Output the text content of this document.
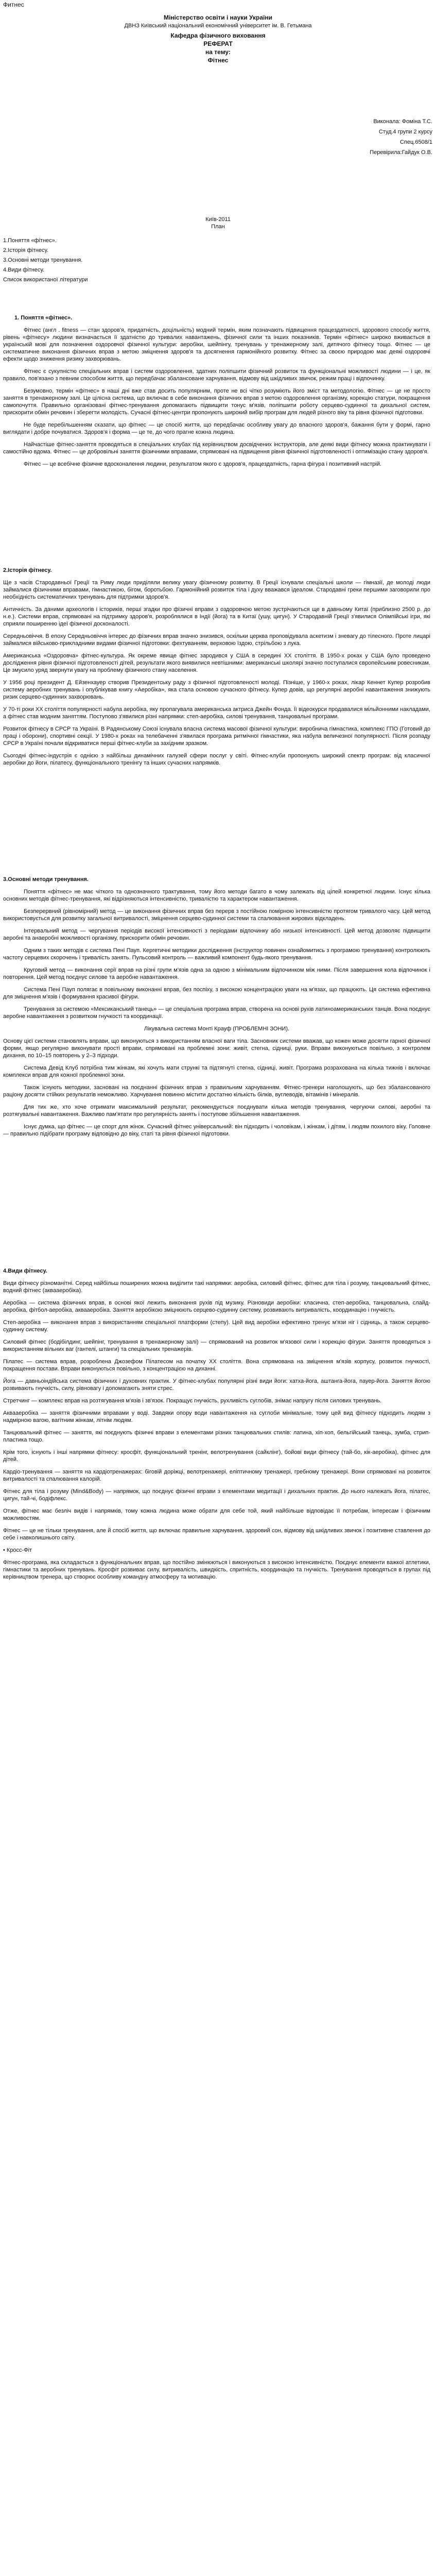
Фитнес
Міністерство освіти і науки України
ДВНЗ Київський національний економічний університет ім. В. Гетьмана
Кафедра фізичного виховання
РЕФЕРАТ
на тему:
Фітнес
Виконала: Фоміна Т.С.
Студ.4 групи 2 курсу
Спец.6508/1
Перевірила:Гайдук О.В.
Київ-2011
План
1.Поняття «фітнес».
2.Історія фітнесу.
3.Основні методи тренування.
4.Види фітнесу.
Список використаної літератури

1. Поняття «фітнес».

Фітнес (англ . fitness — стан здоров'я, придатність, доцільність) модний термін, яким позначають підвищення працездатності, здорового способу життя, рівень «фітнесу» людини визначається її здатністю до тривалих навантажень, фізичної сили та інших показників. Термін «фітнес» широко вживається в українській мові для позначення оздоровчої фізичної культури: аеробіки, шейпінгу, тренувань у тренажерному залі, дитячого фітнесу тощо. Фітнес — це систематичне виконання фізичних вправ з метою зміцнення здоров'я та досягнення гармонійного розвитку. Фітнес за своєю природою має деякі оздоровчі ефекти щодо зниження ризику захворювань.

Фітнес є сукупністю спеціальних вправ і систем оздоровлення, здатних поліпшити фізичний розвиток та функціональні можливості людини — і це, як правило, пов'язано з певним способом життя, що передбачає збалансоване харчування, відмову від шкідливих звичок, режим праці і відпочинку.

Безумовно, термін «фітнес» в наші дні вже став досить популярним, проте не всі чітко розуміють його зміст та методологію. Фітнес — це не просто заняття в тренажерному залі. Це цілісна система, що включає в себе виконання фізичних вправ з метою оздоровлення організму, корекцію статури, покращення самопочуття. Правильно організовані фітнес-тренування допомагають підвищити тонус м'язів, поліпшити роботу серцево-судинної та дихальної систем, прискорити обмін речовин і зберегти молодість. Сучасні фітнес-центри пропонують широкий вибір програм для людей різного віку та рівня фізичної підготовки.

Не буде перебільшенням сказати, що фітнес — це спосіб життя, що передбачає особливу увагу до власного здоров'я, бажання бути у формі, гарно виглядати і добре почуватися. Здоров'я і форма — це те, до чого прагне кожна людина.

Найчастіше фітнес-заняття проводяться в спеціальних клубах під керівництвом досвідчених інструкторів, але деякі види фітнесу можна практикувати і самостійно вдома. Фітнес — це добровільні заняття фізичними вправами, спрямовані на підвищення рівня фізичної підготовленості і оптимізацію стану здоров'я.

Фітнес — це всебічне фізичне вдосконалення людини, результатом якого є здоров'я, працездатність, гарна фігура і позитивний настрій.

2.Історія фітнесу.

Ще з часів Стародавньої Греції та Риму люди приділяли велику увагу фізичному розвитку. В Греції існували спеціальні школи — гімназії, де молоді люди займалися фізичними вправами, гімнастикою, бігом, боротьбою. Гармонійний розвиток тіла і духу вважався ідеалом. Стародавні греки першими заговорили про необхідність систематичних тренувань для підтримки здоров'я.

Античність. За даними археологів і істориків, перші згадки про фізичні вправи з оздоровчою метою зустрічаються ще в давньому Китаї (приблизно 2500 р. до н.е.). Системи вправ, спрямовані на підтримку здоров'я, розроблялися в Індії (йога) та в Китаї (ушу, цигун). У Стародавній Греції з'явилися Олімпійські ігри, які сприяли поширенню ідеї фізичної досконалості.

Середньовіччя. В епоху Середньовіччя інтерес до фізичних вправ значно знизився, оскільки церква проповідувала аскетизм і зневагу до тілесного. Проте лицарі займалися військово-прикладними видами фізичної підготовки: фехтуванням, верховою їздою, стрільбою з лука.

Американська «Оздоровча» фітнес-культура. Як окреме явище фітнес зародився у США в середині XX століття. В 1950-х роках у США було проведено дослідження рівня фізичної підготовленості дітей, результати якого виявилися невтішними: американські школярі значно поступалися європейським ровесникам. Це змусило уряд звернути увагу на проблему фізичного стану населення.

У 1956 році президент Д. Ейзенхауер створив Президентську раду з фізичної підготовленості молоді. Пізніше, у 1960-х роках, лікар Кеннет Купер розробив систему аеробних тренувань і опублікував книгу «Аеробіка», яка стала основою сучасного фітнесу. Купер довів, що регулярні аеробні навантаження знижують ризик серцево-судинних захворювань.

У 70-ті роки ХХ століття популярності набула аеробіка, яку пропагувала американська актриса Джейн Фонда. Її відеокурси продавалися мільйонними накладами, а фітнес став модним заняттям. Поступово з'явилися різні напрямки: степ-аеробіка, силові тренування, танцювальні програми.

Розвиток фітнесу в СРСР та Україні. В Радянському Союзі існувала власна система масової фізичної культури: виробнича гімнастика, комплекс ГПО (Готовий до праці і оборони), спортивні секції. У 1980-х роках на телебаченні з'явилася програма ритмічної гімнастики, яка набула величезної популярності. Після розпаду СРСР в Україні почали відкриватися перші фітнес-клуби за західним зразком.

Сьогодні фітнес-індустрія є однією з найбільш динамічних галузей сфери послуг у світі. Фітнес-клуби пропонують широкий спектр програм: від класичної аеробіки до йоги, пілатесу, функціонального тренінгу та інших сучасних напрямків.

3.Основні методи тренування.

Поняття «фітнес» не має чіткого та однозначного трактування, тому його методи багато в чому залежать від цілей конкретної людини. Існує кілька основних методів фітнес-тренування, які відрізняються інтенсивністю, тривалістю та характером навантаження.

Безперервний (рівномірний) метод — це виконання фізичних вправ без перерв з постійною помірною інтенсивністю протягом тривалого часу. Цей метод використовується для розвитку загальної витривалості, зміцнення серцево-судинної системи та спалювання жирових відкладень.

Інтервальний метод — чергування періодів високої інтенсивності з періодами відпочинку або низької інтенсивності. Цей метод дозволяє підвищити аеробні та анаеробні можливості організму, прискорити обмін речовин.

Одним з таких методів є система Пені Пауп. Кергетичні методики дослідження (інструктор повинен ознайомитись з програмою тренування) контролюють частоту серцевих скорочень і тривалість занять. Пульсовий контроль — важливий компонент будь-якого тренування.

Круговий метод — виконання серії вправ на різні групи м'язів одна за одною з мінімальним відпочинком між ними. Після завершення кола відпочинок і повторення. Цей метод поєднує силове та аеробне навантаження.

Система Пені Пауп полягає в повільному виконанні вправ, без поспіху, з високою концентрацією уваги на м'язах, що працюють. Ця система ефективна для зміцнення м'язів і формування красивої фігури.

Тренування за системою «Мексиканський танець» — це спеціальна програма вправ, створена на основі рухів латиноамериканських танців. Вона поєднує аеробне навантаження з розвитком гнучкості та координації.

Лікувальна система Монті Крауф (ПРОБЛЕМНІ ЗОНИ).

Основу цієї системи становлять вправи, що виконуються з використанням власної ваги тіла. Засновник системи вважав, що кожен може досягти гарної фізичної форми, якщо регулярно виконувати прості вправи, спрямовані на проблемні зони: живіт, стегна, сідниці, руки. Вправи виконуються повільно, з контролем дихання, по 10–15 повторень у 2–3 підходи.

Система Девід Клуб потрібна тим жінкам, які хочуть мати стрункі та підтягнуті стегна, сідниці, живіт. Програма розрахована на кілька тижнів і включає комплекси вправ для кожної проблемної зони.

Також існують методики, засновані на поєднанні фізичних вправ з правильним харчуванням. Фітнес-тренери наголошують, що без збалансованого раціону досягти стійких результатів неможливо. Харчування повинно містити достатню кількість білків, вуглеводів, вітамінів і мінералів.

Для тих же, хто хоче отримати максимальний результат, рекомендується поєднувати кілька методів тренування, чергуючи силові, аеробні та розтягувальні навантаження. Важливо пам'ятати про регулярність занять і поступове збільшення навантаження.

Існує думка, що фітнес — це спорт для жінок. Сучасний фітнес універсальний: він підходить і чоловікам, і жінкам, і дітям, і людям похилого віку. Головне — правильно підібрати програму відповідно до віку, статі та рівня фізичної підготовки.

4.Види фітнесу.

Види фітнесу різноманітні. Серед найбільш поширених можна виділити такі напрямки: аеробіка, силовий фітнес, фітнес для тіла і розуму, танцювальний фітнес, водний фітнес (аквааеробіка).

Аеробіка — система фізичних вправ, в основі якої лежить виконання рухів під музику. Різновиди аеробіки: класична, степ-аеробіка, танцювальна, слайд-аеробіка, фітбол-аеробіка, аквааеробіка. Заняття аеробікою зміцнюють серцево-судинну систему, розвивають витривалість, координацію і гнучкість.

Степ-аеробіка — виконання вправ з використанням спеціальної платформи (степу). Цей вид аеробіки ефективно тренує м'язи ніг і сідниць, а також серцево-судинну систему.

Силовий фітнес (бодібілдинг, шейпінг, тренування в тренажерному залі) — спрямований на розвиток м'язової сили і корекцію фігури. Заняття проводяться з використанням вільних ваг (гантелі, штанги) та спеціальних тренажерів.

Пілатес — система вправ, розроблена Джозефом Пілатесом на початку ХХ століття. Вона спрямована на зміцнення м'язів корпусу, розвиток гнучкості, покращення постави. Вправи виконуються повільно, з концентрацією на диханні.

Йога — давньоіндійська система фізичних і духовних практик. У фітнес-клубах популярні різні види йоги: хатха-йога, аштанга-йога, пауер-йога. Заняття йогою розвивають гнучкість, силу, рівновагу і допомагають зняти стрес.

Стретчинг — комплекс вправ на розтягування м'язів і зв'язок. Покращує гнучкість, рухливість суглобів, знімає напругу після силових тренувань.

Аквааеробіка — заняття фізичними вправами у воді. Завдяки опору води навантаження на суглоби мінімальне, тому цей вид фітнесу підходить людям з надмірною вагою, вагітним жінкам, літнім людям.

Танцювальний фітнес — заняття, які поєднують фізичні вправи з елементами різних танцювальних стилів: латина, хіп-хоп, бельгійський танець, зумба, стрип-пластика тощо.

Крім того, існують і інші напрямки фітнесу: кросфіт, функціональний тренінг, велотренування (сайклінг), бойові види фітнесу (тай-бо, кік-аеробіка), фітнес для дітей.

Кардіо-тренування — заняття на кардіотренажерах: біговій доріжці, велотренажері, еліптичному тренажері, гребному тренажері. Вони спрямовані на розвиток витривалості та спалювання калорій.

Фітнес для тіла і розуму (Mind&Body) — напрямок, що поєднує фізичні вправи з елементами медитації і дихальних практик. До нього належать йога, пілатес, цигун, тай-чі, бодіфлекс.

Отже, фітнес має безліч видів і напрямків, тому кожна людина може обрати для себе той, який найбільше відповідає її потребам, інтересам і фізичним можливостям.

Фітнес — це не тільки тренування, але й спосіб життя, що включає правильне харчування, здоровий сон, відмову від шкідливих звичок і позитивне ставлення до себе і навколишнього світу.

• Кросс-Фіт

Фітнес-програма, яка складається з функціональних вправ, що постійно змінюються і виконуються з високою інтенсивністю. Поєднує елементи важкої атлетики, гімнастики та аеробних тренувань. Кросфіт розвиває силу, витривалість, швидкість, спритність, координацію та гнучкість. Тренування проводяться в групах під керівництвом тренера, що створює особливу командну атмосферу та мотивацію.
